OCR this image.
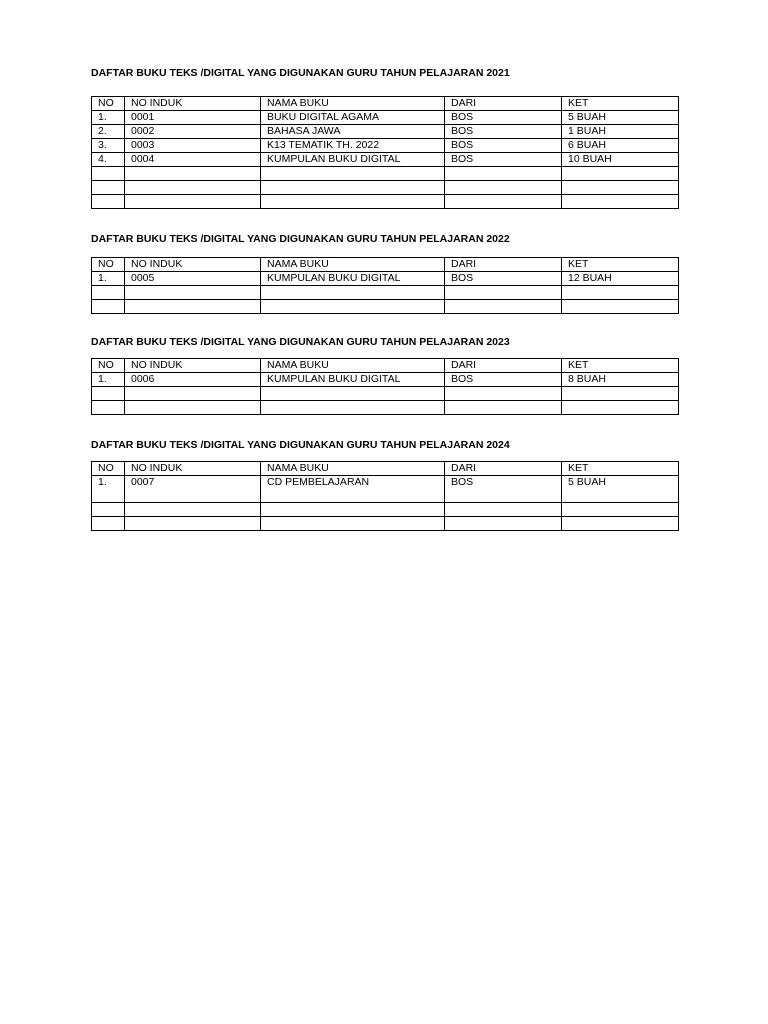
DAFTAR BUKU TEKS /DIGITAL YANG DIGUNAKAN GURU TAHUN PELAJARAN 2021
NO	NO INDUK	NAMA BUKU	DARI	KET
1.	0001	BUKU DIGITAL AGAMA	BOS	5 BUAH
2.	0002	BAHASA JAWA	BOS	1 BUAH
3.	0003	K13 TEMATIK TH. 2022	BOS	6 BUAH
4.	0004	KUMPULAN BUKU DIGITAL	BOS	10 BUAH

DAFTAR BUKU TEKS /DIGITAL YANG DIGUNAKAN GURU TAHUN PELAJARAN 2022
NO	NO INDUK	NAMA BUKU	DARI	KET
1.	0005	KUMPULAN BUKU DIGITAL	BOS	12 BUAH

DAFTAR BUKU TEKS /DIGITAL YANG DIGUNAKAN GURU TAHUN PELAJARAN 2023
NO	NO INDUK	NAMA BUKU	DARI	KET
1.	0006	KUMPULAN BUKU DIGITAL	BOS	8 BUAH

DAFTAR BUKU TEKS /DIGITAL YANG DIGUNAKAN GURU TAHUN PELAJARAN 2024
NO	NO INDUK	NAMA BUKU	DARI	KET
1.	0007	CD PEMBELAJARAN	BOS	5 BUAH
